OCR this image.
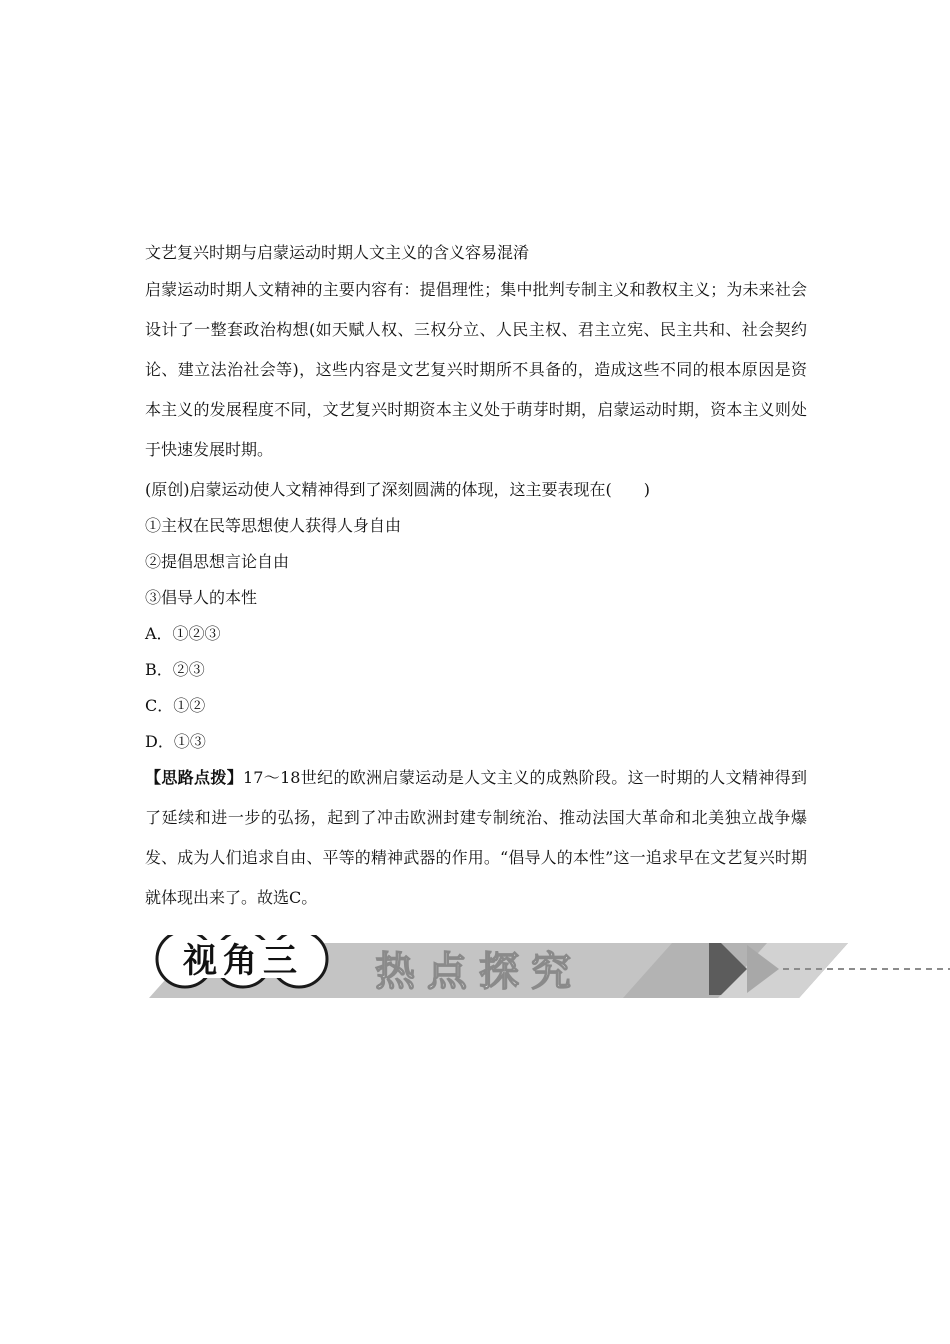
文艺复兴时期与启蒙运动时期人文主义的含义容易混淆
启蒙运动时期人文精神的主要内容有：提倡理性；集中批判专制主义和教权主义；为未来社会设计了一整套政治构想(如天赋人权、三权分立、人民主权、君主立宪、民主共和、社会契约论、建立法治社会等)，这些内容是文艺复兴时期所不具备的，造成这些不同的根本原因是资本主义的发展程度不同，文艺复兴时期资本主义处于萌芽时期，启蒙运动时期，资本主义则处于快速发展时期。
(原创)启蒙运动使人文精神得到了深刻圆满的体现，这主要表现在(　　)
①主权在民等思想使人获得人身自由
②提倡思想言论自由
③倡导人的本性
A．①②③
B．②③
C．①②
D．①③
【思路点拨】17～18世纪的欧洲启蒙运动是人文主义的成熟阶段。这一时期的人文精神得到了延续和进一步的弘扬，起到了冲击欧洲封建专制统治、推动法国大革命和北美独立战争爆发、成为人们追求自由、平等的精神武器的作用。“倡导人的本性”这一追求早在文艺复兴时期就体现出来了。故选C。
视角三 热点探究
